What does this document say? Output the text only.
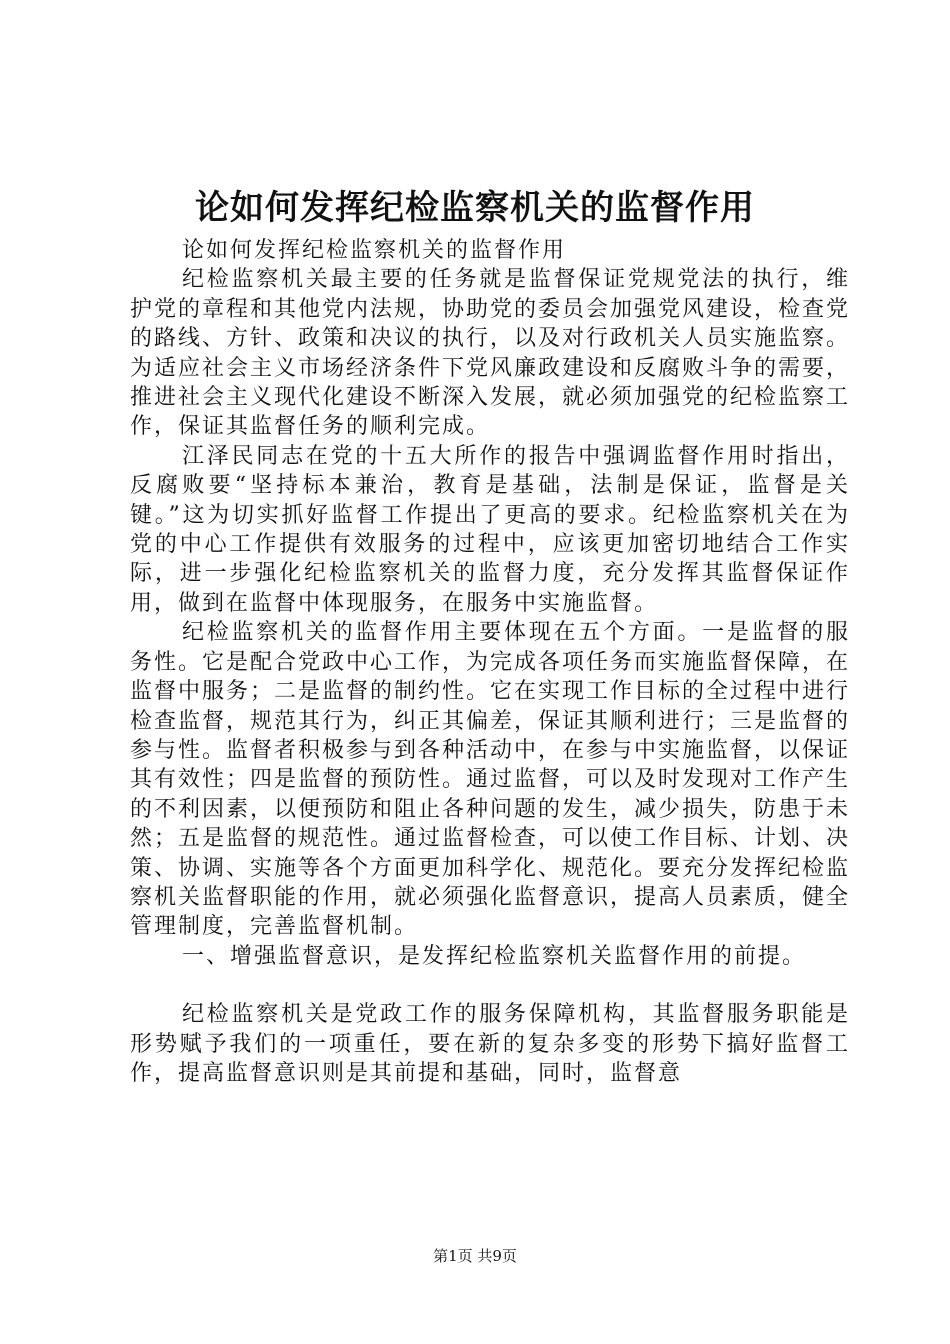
论如何发挥纪检监察机关的监督作用

论如何发挥纪检监察机关的监督作用

纪检监察机关最主要的任务就是监督保证党规党法的执行，维护党的章程和其他党内法规，协助党的委员会加强党风建设，检查党的路线、方针、政策和决议的执行，以及对行政机关人员实施监察。为适应社会主义市场经济条件下党风廉政建设和反腐败斗争的需要，推进社会主义现代化建设不断深入发展，就必须加强党的纪检监察工作，保证其监督任务的顺利完成。

江泽民同志在党的十五大所作的报告中强调监督作用时指出，反腐败要“坚持标本兼治，教育是基础，法制是保证，监督是关键。”这为切实抓好监督工作提出了更高的要求。纪检监察机关在为党的中心工作提供有效服务的过程中，应该更加密切地结合工作实际，进一步强化纪检监察机关的监督力度，充分发挥其监督保证作用，做到在监督中体现服务，在服务中实施监督。

纪检监察机关的监督作用主要体现在五个方面。一是监督的服务性。它是配合党政中心工作，为完成各项任务而实施监督保障，在监督中服务；二是监督的制约性。它在实现工作目标的全过程中进行检查监督，规范其行为，纠正其偏差，保证其顺利进行；三是监督的参与性。监督者积极参与到各种活动中，在参与中实施监督，以保证其有效性；四是监督的预防性。通过监督，可以及时发现对工作产生的不利因素，以便预防和阻止各种问题的发生，减少损失，防患于未然；五是监督的规范性。通过监督检查，可以使工作目标、计划、决策、协调、实施等各个方面更加科学化、规范化。要充分发挥纪检监察机关监督职能的作用，就必须强化监督意识，提高人员素质，健全管理制度，完善监督机制。

一、增强监督意识，是发挥纪检监察机关监督作用的前提。

纪检监察机关是党政工作的服务保障机构，其监督服务职能是形势赋予我们的一项重任，要在新的复杂多变的形势下搞好监督工作，提高监督意识则是其前提和基础，同时，监督意

第1页 共9页
